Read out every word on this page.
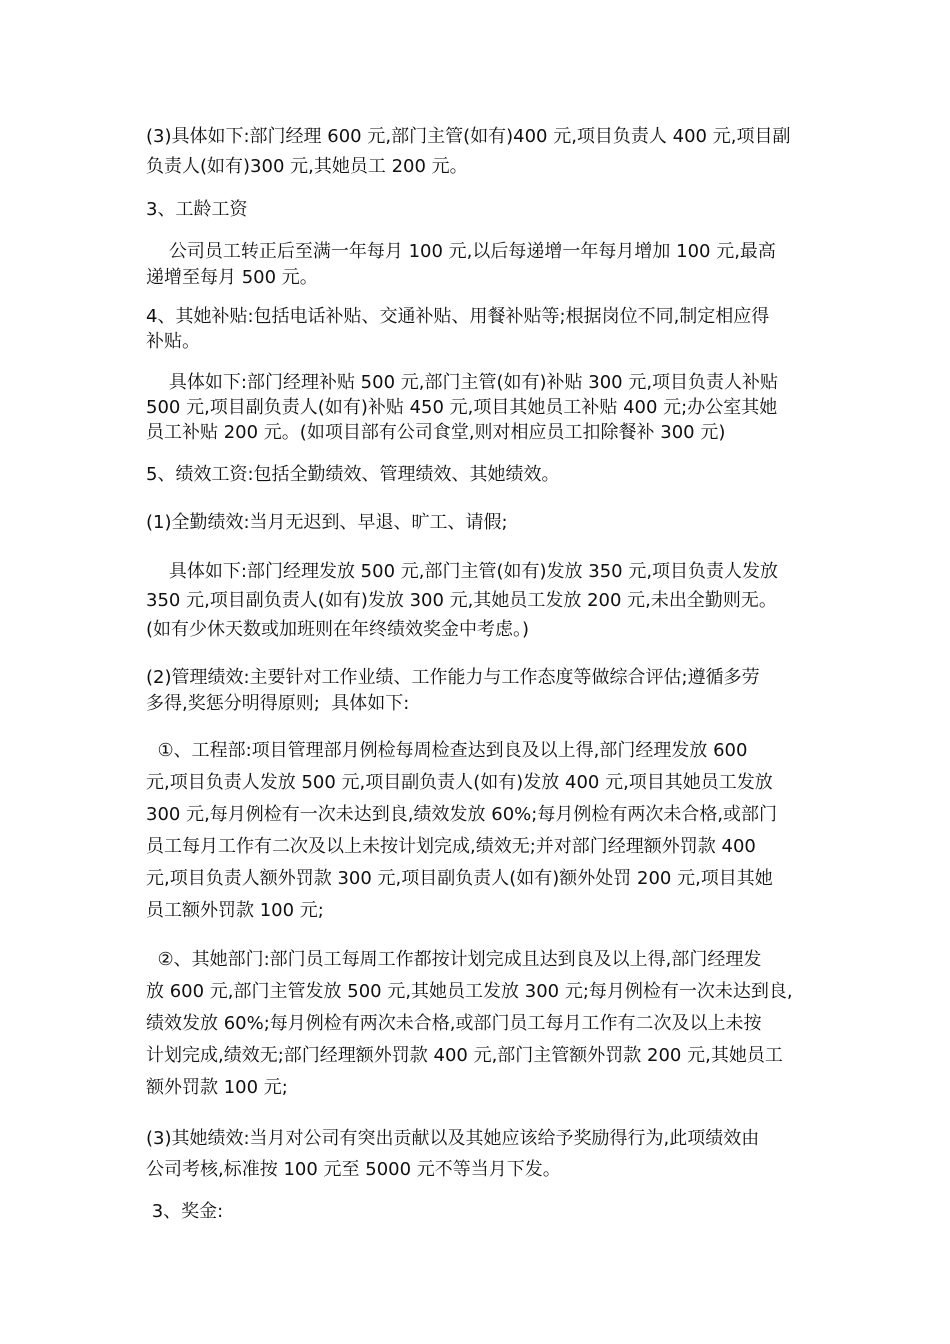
(3)具体如下:部门经理 600 元,部门主管(如有)400 元,项目负责人 400 元,项目副
负责人(如有)300 元,其她员工 200 元。
3、工龄工资
公司员工转正后至满一年每月 100 元,以后每递增一年每月增加 100 元,最高
递增至每月 500 元。
4、其她补贴:包括电话补贴、交通补贴、用餐补贴等;根据岗位不同,制定相应得
补贴。
具体如下:部门经理补贴 500 元,部门主管(如有)补贴 300 元,项目负责人补贴
500 元,项目副负责人(如有)补贴 450 元,项目其她员工补贴 400 元;办公室其她
员工补贴 200 元。(如项目部有公司食堂,则对相应员工扣除餐补 300 元)
5、绩效工资:包括全勤绩效、管理绩效、其她绩效。
(1)全勤绩效:当月无迟到、早退、旷工、请假;
具体如下:部门经理发放 500 元,部门主管(如有)发放 350 元,项目负责人发放
350 元,项目副负责人(如有)发放 300 元,其她员工发放 200 元,未出全勤则无。
(如有少休天数或加班则在年终绩效奖金中考虑。)
(2)管理绩效:主要针对工作业绩、工作能力与工作态度等做综合评估;遵循多劳
多得,奖惩分明得原则;  具体如下:
①、工程部:项目管理部月例检每周检查达到良及以上得,部门经理发放 600
元,项目负责人发放 500 元,项目副负责人(如有)发放 400 元,项目其她员工发放
300 元,每月例检有一次未达到良,绩效发放 60%;每月例检有两次未合格,或部门
员工每月工作有二次及以上未按计划完成,绩效无;并对部门经理额外罚款 400
元,项目负责人额外罚款 300 元,项目副负责人(如有)额外处罚 200 元,项目其她
员工额外罚款 100 元;
②、其她部门:部门员工每周工作都按计划完成且达到良及以上得,部门经理发
放 600 元,部门主管发放 500 元,其她员工发放 300 元;每月例检有一次未达到良,
绩效发放 60%;每月例检有两次未合格,或部门员工每月工作有二次及以上未按
计划完成,绩效无;部门经理额外罚款 400 元,部门主管额外罚款 200 元,其她员工
额外罚款 100 元;
(3)其她绩效:当月对公司有突出贡献以及其她应该给予奖励得行为,此项绩效由
公司考核,标准按 100 元至 5000 元不等当月下发。
3、奖金:
